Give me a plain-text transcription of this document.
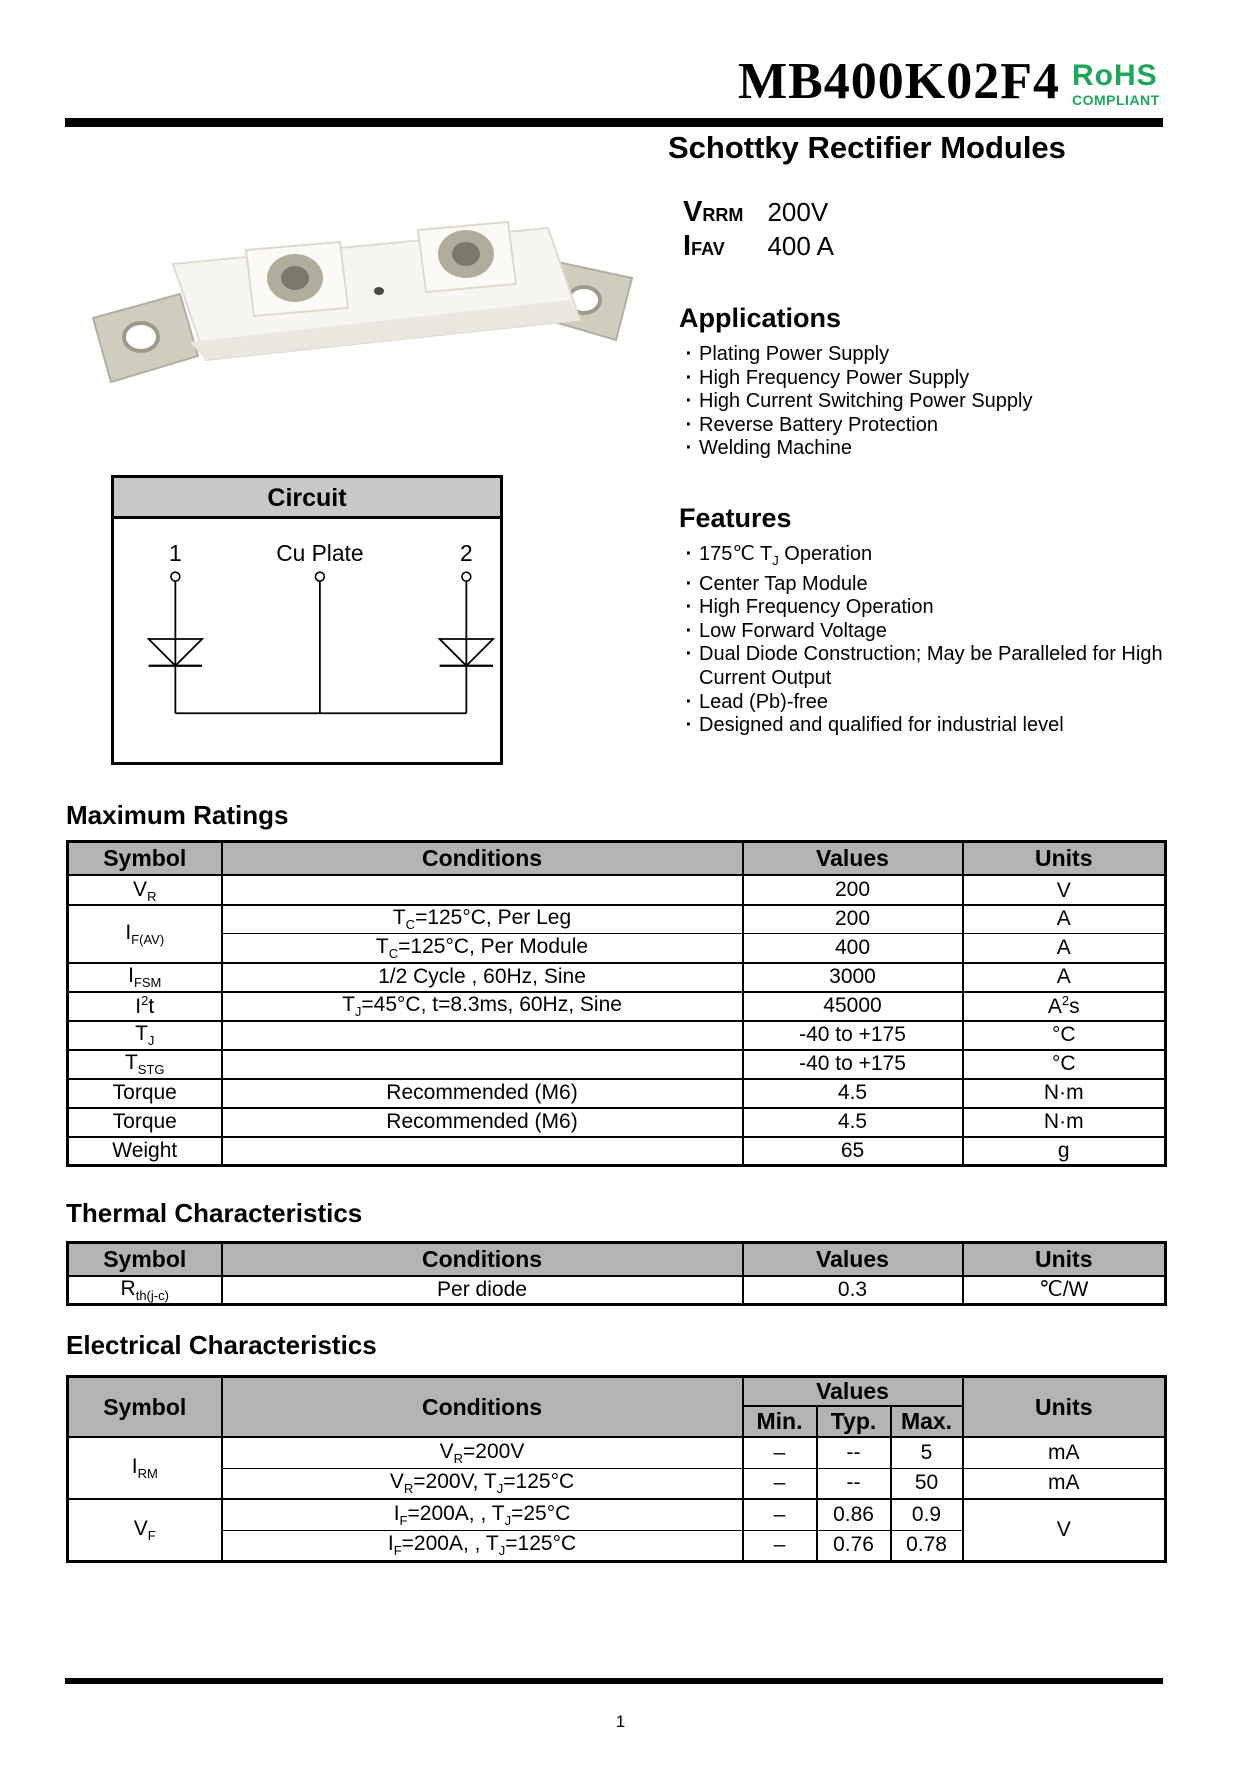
MB400K02F4 RoHS
COMPLIANT
Schottky Rectifier Modules
VRRM 200V
IFAV 400 A
Applications
· Plating Power Supply
· High Frequency Power Supply
· High Current Switching Power Supply
· Reverse Battery Protection
· Welding Machine
Features
· 175℃ $T_J$ Operation
· Center Tap Module
· High Frequency Operation
· Low Forward Voltage
· Dual Diode Construction; May be Paralleled for High Current Output
· Lead (Pb)-free
· Designed and qualified for industrial level
Circuit
1	Cu Plate	2
Maximum Ratings
Symbol	Conditions	Values	Units
$V_R$		200	V
$I_{F(AV)}$	$T_C=125^\circ C$, Per Leg	200	A
	$T_C=125^\circ C$, Per Module	400	A
$I_{FSM}$	1/2 Cycle , 60Hz, Sine	3000	A
$I^2t$	$T_J=45^\circ C$, t=8.3ms, 60Hz, Sine	45000	$A^2s$
$T_J$		-40 to +175	°C
$T_{STG}$		-40 to +175	°C
Torque	Recommended (M6)	4.5	N·m
Torque	Recommended (M6)	4.5	N·m
Weight		65	g
Thermal Characteristics
Symbol	Conditions	Values	Units
$R_{th(j-c)}$	Per diode	0.3	℃/W
Electrical Characteristics
Symbol	Conditions	Values			Units
		Min.	Typ.	Max.	
$I_{RM}$	$V_R=200V$	–	--	5	mA
	$V_R=200V$, $T_J=125^\circ C$	–	--	50	mA
$V_F$	$I_F=200A$, , $T_J=25^\circ C$	–	0.86	0.9	V
	$I_F=200A$, , $T_J=125^\circ C$	–	0.76	0.78	
1
